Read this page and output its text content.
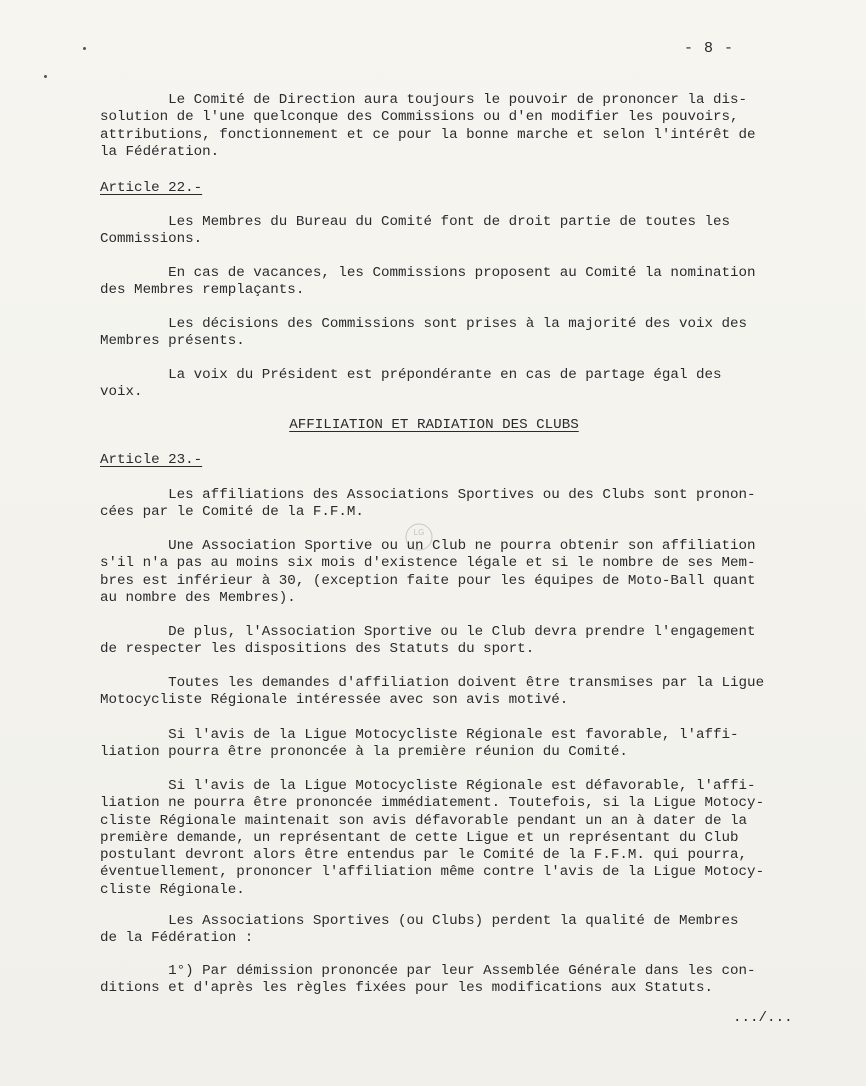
- 8 -
Le Comité de Direction aura toujours le pouvoir de prononcer la dis-
solution de l'une quelconque des Commissions ou d'en modifier les pouvoirs,
attributions, fonctionnement et ce pour la bonne marche et selon l'intérêt de
la Fédération.
Article 22.-
Les Membres du Bureau du Comité font de droit partie de toutes les
Commissions.
En cas de vacances, les Commissions proposent au Comité la nomination
des Membres remplaçants.
Les décisions des Commissions sont prises à la majorité des voix des
Membres présents.
La voix du Président est prépondérante en cas de partage égal des
voix.
AFFILIATION ET RADIATION DES CLUBS
Article 23.-
Les affiliations des Associations Sportives ou des Clubs sont pronon-
cées par le Comité de la F.F.M.
Une Association Sportive ou un Club ne pourra obtenir son affiliation
s'il n'a pas au moins six mois d'existence légale et si le nombre de ses Mem-
bres est inférieur à 30, (exception faite pour les équipes de Moto-Ball quant
au nombre des Membres).
De plus, l'Association Sportive ou le Club devra prendre l'engagement
de respecter les dispositions des Statuts du sport.
Toutes les demandes d'affiliation doivent être transmises par la Ligue
Motocycliste Régionale intéressée avec son avis motivé.
Si l'avis de la Ligue Motocycliste Régionale est favorable, l'affi-
liation pourra être prononcée à la première réunion du Comité.
Si l'avis de la Ligue Motocycliste Régionale est défavorable, l'affi-
liation ne pourra être prononcée immédiatement. Toutefois, si la Ligue Motocy-
cliste Régionale maintenait son avis défavorable pendant un an à dater de la
première demande, un représentant de cette Ligue et un représentant du Club
postulant devront alors être entendus par le Comité de la F.F.M. qui pourra,
éventuellement, prononcer l'affiliation même contre l'avis de la Ligue Motocy-
cliste Régionale.
Les Associations Sportives (ou Clubs) perdent la qualité de Membres
de la Fédération :
1°) Par démission prononcée par leur Assemblée Générale dans les con-
ditions et d'après les règles fixées pour les modifications aux Statuts.
LG
.../...
